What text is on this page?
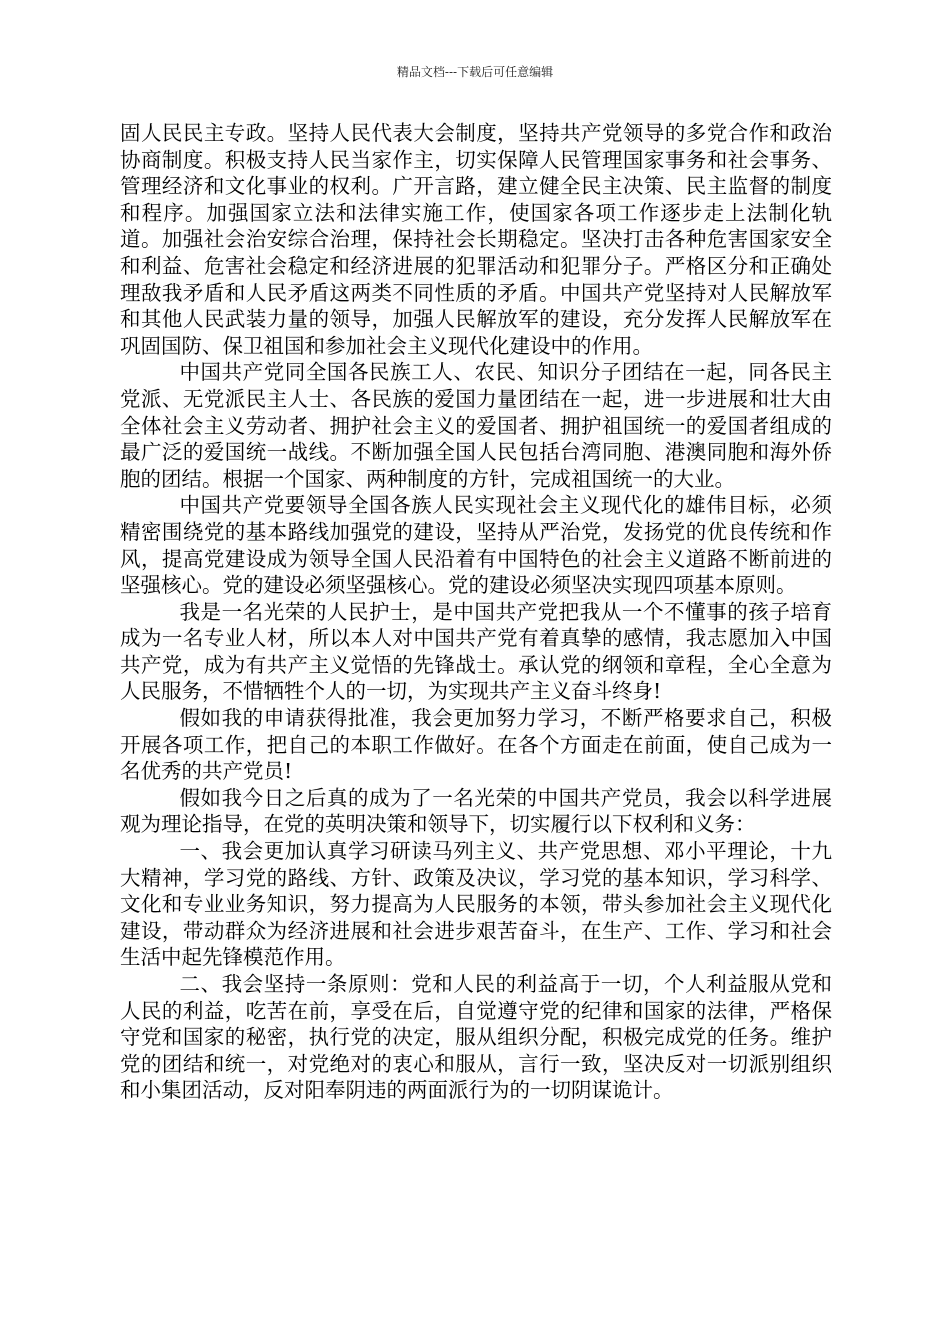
精品文档---下载后可任意编辑

固人民民主专政。坚持人民代表大会制度，坚持共产党领导的多党合作和政治协商制度。积极支持人民当家作主，切实保障人民管理国家事务和社会事务、管理经济和文化事业的权利。广开言路，建立健全民主决策、民主监督的制度和程序。加强国家立法和法律实施工作，使国家各项工作逐步走上法制化轨道。加强社会治安综合治理，保持社会长期稳定。坚决打击各种危害国家安全和利益、危害社会稳定和经济进展的犯罪活动和犯罪分子。严格区分和正确处理敌我矛盾和人民矛盾这两类不同性质的矛盾。中国共产党坚持对人民解放军和其他人民武装力量的领导，加强人民解放军的建设，充分发挥人民解放军在巩固国防、保卫祖国和参加社会主义现代化建设中的作用。

中国共产党同全国各民族工人、农民、知识分子团结在一起，同各民主党派、无党派民主人士、各民族的爱国力量团结在一起，进一步进展和壮大由全体社会主义劳动者、拥护社会主义的爱国者、拥护祖国统一的爱国者组成的最广泛的爱国统一战线。不断加强全国人民包括台湾同胞、港澳同胞和海外侨胞的团结。根据一个国家、两种制度的方针，完成祖国统一的大业。

中国共产党要领导全国各族人民实现社会主义现代化的雄伟目标，必须精密围绕党的基本路线加强党的建设，坚持从严治党，发扬党的优良传统和作风，提高党建设成为领导全国人民沿着有中国特色的社会主义道路不断前进的坚强核心。党的建设必须坚强核心。党的建设必须坚决实现四项基本原则。

我是一名光荣的人民护士，是中国共产党把我从一个不懂事的孩子培育成为一名专业人材，所以本人对中国共产党有着真挚的感情，我志愿加入中国共产党，成为有共产主义觉悟的先锋战士。承认党的纲领和章程，全心全意为人民服务，不惜牺牲个人的一切，为实现共产主义奋斗终身!

假如我的申请获得批准，我会更加努力学习，不断严格要求自己，积极开展各项工作，把自己的本职工作做好。在各个方面走在前面，使自己成为一名优秀的共产党员!

假如我今日之后真的成为了一名光荣的中国共产党员，我会以科学进展观为理论指导，在党的英明决策和领导下，切实履行以下权利和义务：

一、我会更加认真学习研读马列主义、共产党思想、邓小平理论，十九大精神，学习党的路线、方针、政策及决议，学习党的基本知识，学习科学、文化和专业业务知识，努力提高为人民服务的本领，带头参加社会主义现代化建设，带动群众为经济进展和社会进步艰苦奋斗，在生产、工作、学习和社会生活中起先锋模范作用。

二、我会坚持一条原则：党和人民的利益高于一切，个人利益服从党和人民的利益，吃苦在前，享受在后，自觉遵守党的纪律和国家的法律，严格保守党和国家的秘密，执行党的决定，服从组织分配，积极完成党的任务。维护党的团结和统一，对党绝对的衷心和服从，言行一致，坚决反对一切派别组织和小集团活动，反对阳奉阴违的两面派行为的一切阴谋诡计。
